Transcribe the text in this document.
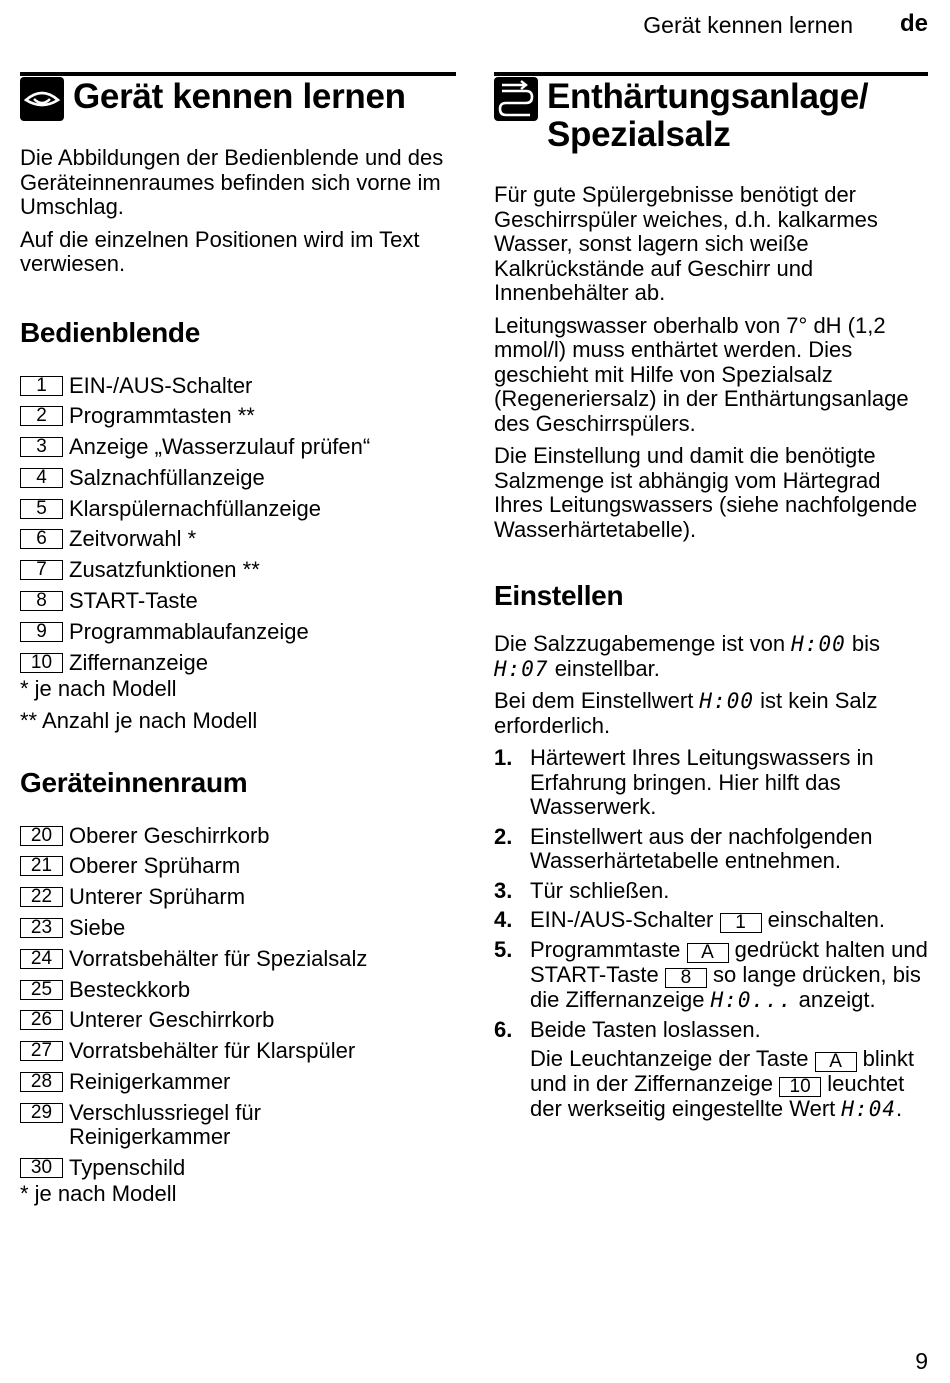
Gerät kennen lernen	de
Gerät kennen lernen

Die Abbildungen der Bedienblende und des Geräteinnenraumes befinden sich vorne im Umschlag.

Auf die einzelnen Positionen wird im Text verwiesen.

Bedienblende
1	EIN-/AUS-Schalter
2	Programmtasten **
3	Anzeige „Wasserzulauf prüfen“
4	Salznachfüllanzeige
5	Klarspülernachfüllanzeige
6	Zeitvorwahl *
7	Zusatzfunktionen **
8	START-Taste
9	Programmablaufanzeige
10 Ziffernanzeige
* je nach Modell
** Anzahl je nach Modell
Geräteinnenraum
20 Oberer Geschirrkorb
21 Oberer Sprüharm
22 Unterer Sprüharm
23 Siebe
24 Vorratsbehälter für Spezialsalz
25 Besteckkorb
26 Unterer Geschirrkorb
27 Vorratsbehälter für Klarspüler
28 Reinigerkammer
29 Verschlussriegel für Reinigerkammer
30 Typenschild
* je nach Modell
Enthärtungsanlage/
Spezialsalz

Für gute Spülergebnisse benötigt der Geschirrspüler weiches, d.h. kalkarmes Wasser, sonst lagern sich weiße Kalkrückstände auf Geschirr und Innenbehälter ab.

Leitungswasser oberhalb von 7° dH (1,2 mmol/l) muss enthärtet werden. Dies geschieht mit Hilfe von Spezialsalz (Regeneriersalz) in der Enthärtungsanlage des Geschirrspülers.

Die Einstellung und damit die benötigte Salzmenge ist abhängig vom Härtegrad Ihres Leitungswassers (siehe nachfolgende Wasserhärtetabelle).

Einstellen

Die Salzzugabemenge ist von H:00 bis H:07 einstellbar.

Bei dem Einstellwert H:00 ist kein Salz erforderlich.

1. Härtewert Ihres Leitungswassers in Erfahrung bringen. Hier hilft das Wasserwerk.
2. Einstellwert aus der nachfolgenden Wasserhärtetabelle entnehmen.
3. Tür schließen.
4. EIN-/AUS-Schalter 1 einschalten.
5. Programmtaste A gedrückt halten und START-Taste 8 so lange drücken, bis die Ziffernanzeige H:0... anzeigt.
6. Beide Tasten loslassen.
Die Leuchtanzeige der Taste A blinkt und in der Ziffernanzeige 10 leuchtet der werkseitig eingestellte Wert H:04.
9
